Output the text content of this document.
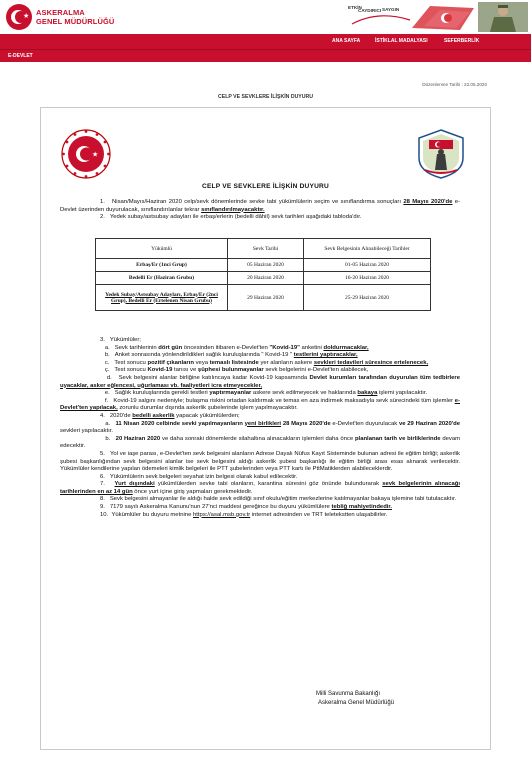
★ ASKERALMA
GENEL MÜDÜRLÜĞÜ
ETKİN
CAYDIRICI SAYGIN
ANA SAYFA	İSTİKLAL MADALYASI	SEFERBERLİK
E-DEVLET
Düzenlenme Tarihi : 22.05.2020
CELP VE SEVKLERE İLİŞKİN DUYURU
★
CELP VE SEVKLERE İLİŞKİN DUYURU
1.   Nisan/Mayıs/Haziran 2020 celp/sevk dönemlerinde sevke tabi yükümlülerin seçim ve sınıflandırma sonuçları 28 Mayıs 2020'de e-Devlet üzerinden duyurulacak, sınıflandırılanlar tekrar sınıflandırılmayacaktır.
2.   Yedek subay/astsubay adayları ile erbaş/erlerin (bedelli dâhil) sevk tarihleri aşağıdaki tabloda'dır.
Yükümlü	Sevk Tarihi	Sevk Belgesinin Alınabileceği Tarihler
Erbaş/Er (1nci Grup)	05 Haziran 2020	01-05 Haziran 2020
Bedelli Er (Haziran Grubu)	20 Haziran 2020	16-20 Haziran 2020
Yedek Subay/Astsubay Adayları, Erbaş/Er (2nci Grup), Bedelli Er (Ertelenen Nisan Grubu)	29 Haziran 2020	25-29 Haziran 2020
3.   Yükümlüler;
a.   Sevk tarihlerinin dört gün öncesinden itibaren e-Devlet'ten "Kovid-19" anketini doldurmacaklar,
b.   Anket sonrasında yönlendirildikleri sağlık kuruluşlarında " Kovid-19 " testlerini yaptıracaklar,
c.   Test sonucu pozitif çıkanların veya temaslı listesinde yer alanların askere sevkleri tedavileri süresince ertelenecek,
ç.   Test sonucu Kovid-19 tanısı ve şüphesi bulunmayanlar sevk belgelerini e-Devlet'ten alabilecek,
d.   Sevk belgesini alanlar birliğine katılıncaya kadar Kovid-19 kapsamında Devlet kurumları tarafından duyurulan tüm tedbirlere uyacaklar, asker eğlencesi, uğurlaması vb. faaliyetleri icra etmeyecekler,
e.   Sağlık kuruluşlarında gerekli testleri yaptırmayanlar askere sevk edilmeyecek ve haklarında bakaya işlemi yapılacaktır.
f.   Kovid-19 salgını nedeniyle; bulaşma riskini ortadan kaldırmak ve temas en aza indirmek maksadıyla sevk sürecindeki tüm işlemler e-Devlet'ten yapılacak, zorunlu durumlar dışında askerlik şubelerinde işlem yapılmayacaktır.
4.   2020'de bedelli askerlik yapacak yükümlülerden;
a.   11 Nisan 2020 celbinde sevki yapılmayanların yeni birlikleri 28 Mayıs 2020'de e-Devlet'ten duyurulacak ve 29 Haziran 2020'de sevkleri yapılacaktır.
b.   20 Haziran 2020 ve daha sonraki dönemlerde silahaltına alınacakların işlemleri daha önce planlanan tarih ve birliklerinde devam edecektir.
5.   Yol ve iaşe parası, e-Devlet'ten sevk belgesini alanların Adrese Dayalı Nüfus Kayıt Sisteminde bulunan adresi ile eğitim birliği; askerlik şubesi başkanlığından sevk belgesini alanlar ise sevk belgesini aldığı askerlik şubesi başkanlığı ile eğitim birliği arası esas alınarak verilecektir. Yükümlüler kendilerine yapılan ödemeleri kimlik belgeleri ile PTT şubelerinden veya PTT kartı ile PttMatiklerden alabileceklerdir.
6.   Yükümlülerin sevk belgeleri seyahat izin belgesi olarak kabul edilecektir.
7.   Yurt dışındaki yükümlülerden sevke tabi olanların, karantina süresini göz önünde bulundurarak sevk belgelerinin alınacağı tarihlerinden en az 14 gün önce yurt içine giriş yapmaları gerekmektedir.
8.   Sevk belgesini almayanlar ile aldığı halde sevk edildiği sınıf okulu/eğitim merkezlerine katılmayanlar bakaya işlemine tabi tutulacaktır.
9.   7179 sayılı Askeralma Kanunu'nun 27'nci maddesi gereğince bu duyuru yükümlülere tebliğ mahiyetindedir.
10.  Yükümlüler bu duyuru metnine https://asal.msb.gov.tr internet adresinden ve TRT teletekstten ulaşabilirler.
Milli Savunma Bakanlığı
Askeralma Genel Müdürlüğü
